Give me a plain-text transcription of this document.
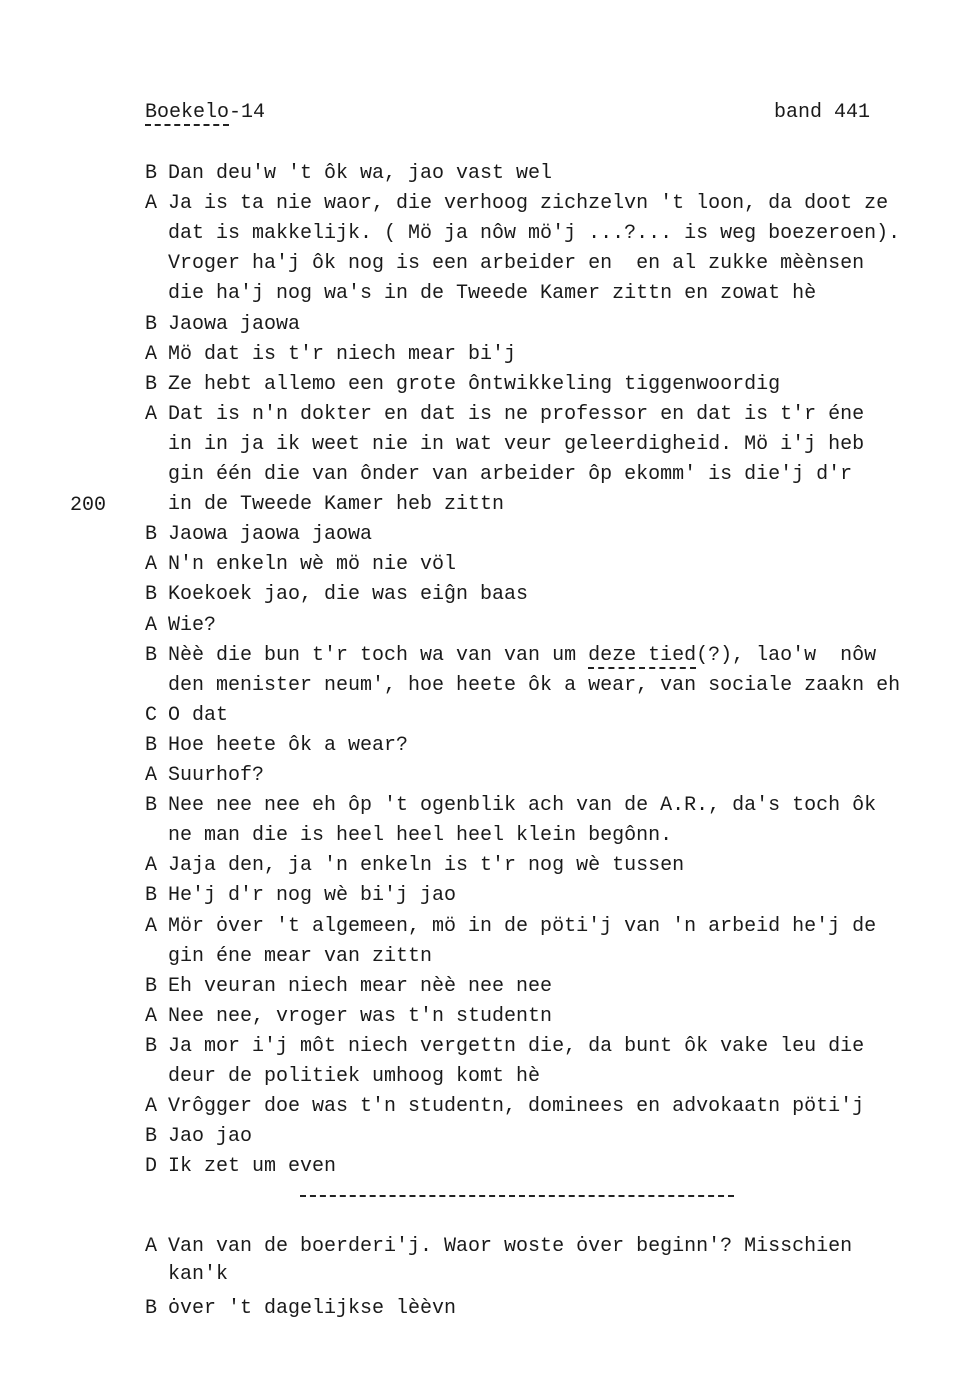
Boekelo-14	band 441
200
B Dan deu'w 't ôk wa, jao vast wel
A Ja is ta nie waor, die verhoog zichzelvn 't loon, da doot ze
dat is makkelijk. ( Mö ja nôw mö'j ...?... is weg boezeroen).
Vroger ha'j ôk nog is een arbeider en  en al zukke mèènsen
die ha'j nog wa's in de Tweede Kamer zittn en zowat hè
B Jaowa jaowa
A Mö dat is t'r niech mear bi'j
B Ze hebt allemo een grote ôntwikkeling tiggenwoordig
A Dat is n'n dokter en dat is ne professor en dat is t'r éne
in in ja ik weet nie in wat veur geleerdigheid. Mö i'j heb
gin één die van ônder van arbeider ôp ekomm' is die'j d'r
in de Tweede Kamer heb zittn
B Jaowa jaowa jaowa
A N'n enkeln wè mö nie völ
B Koekoek jao, die was eiĝn baas
A Wie?
B Nèè die bun t'r toch wa van van um deze tied(?), lao'w  nôw
den menister neum', hoe heete ôk a wear, van sociale zaakn eh
C O dat
B Hoe heete ôk a wear?
A Suurhof?
B Nee nee nee eh ôp 't ogenblik ach van de A.R., da's toch ôk
ne man die is heel heel heel klein begônn.
A Jaja den, ja 'n enkeln is t'r nog wè tussen
B He'j d'r nog wè bi'j jao
A Mör ȯver 't algemeen, mö in de pöti'j van 'n arbeid he'j de
gin éne mear van zittn
B Eh veuran niech mear nèè nee nee
A Nee nee, vroger was t'n studentn
B Ja mor i'j môt niech vergettn die, da bunt ôk vake leu die
deur de politiek umhoog komt hè
A Vrôgger doe was t'n studentn, dominees en advokaatn pöti'j
B Jao jao
D Ik zet um even
A Van van de boerderi'j. Waor woste ȯver beginn'? Misschien
kan'k
B ȯver 't dagelijkse lèèvn
